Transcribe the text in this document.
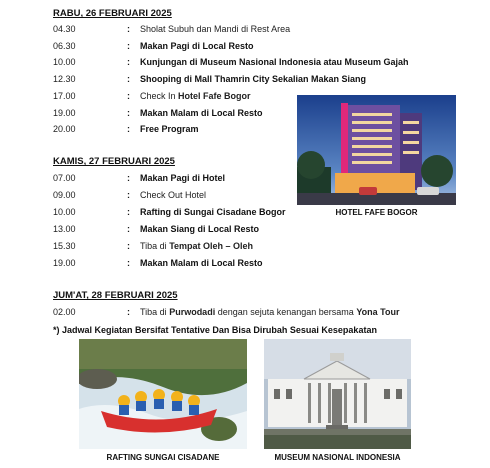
RABU, 26 FEBRUARI 2025
04.30	:	Sholat Subuh dan Mandi di Rest Area
06.30	:	Makan Pagi di Local Resto
10.00	:	Kunjungan di Museum Nasional Indonesia atau Museum Gajah
12.30	:	Shooping di Mall Thamrin City Sekalian Makan Siang
17.00	:	Check In Hotel Fafe Bogor
19.00	:	Makan Malam di Local Resto
20.00	:	Free Program
KAMIS, 27 FEBRUARI 2025
07.00	:	Makan Pagi di Hotel
09.00	:	Check Out Hotel
10.00	:	Rafting di Sungai Cisadane Bogor
13.00	:	Makan Siang di Local Resto
15.30	:	Tiba di Tempat Oleh – Oleh
19.00	:	Makan Malam di Local Resto
JUM'AT, 28 FEBRUARI 2025
02.00	:	Tiba di Purwodadi dengan sejuta kenangan bersama Yona Tour
*) Jadwal Kegiatan Bersifat Tentative Dan Bisa Dirubah Sesuai Kesepakatan
HOTEL FAFE BOGOR
RAFTING SUNGAI CISADANE	MUSEUM NASIONAL INDONESIA
